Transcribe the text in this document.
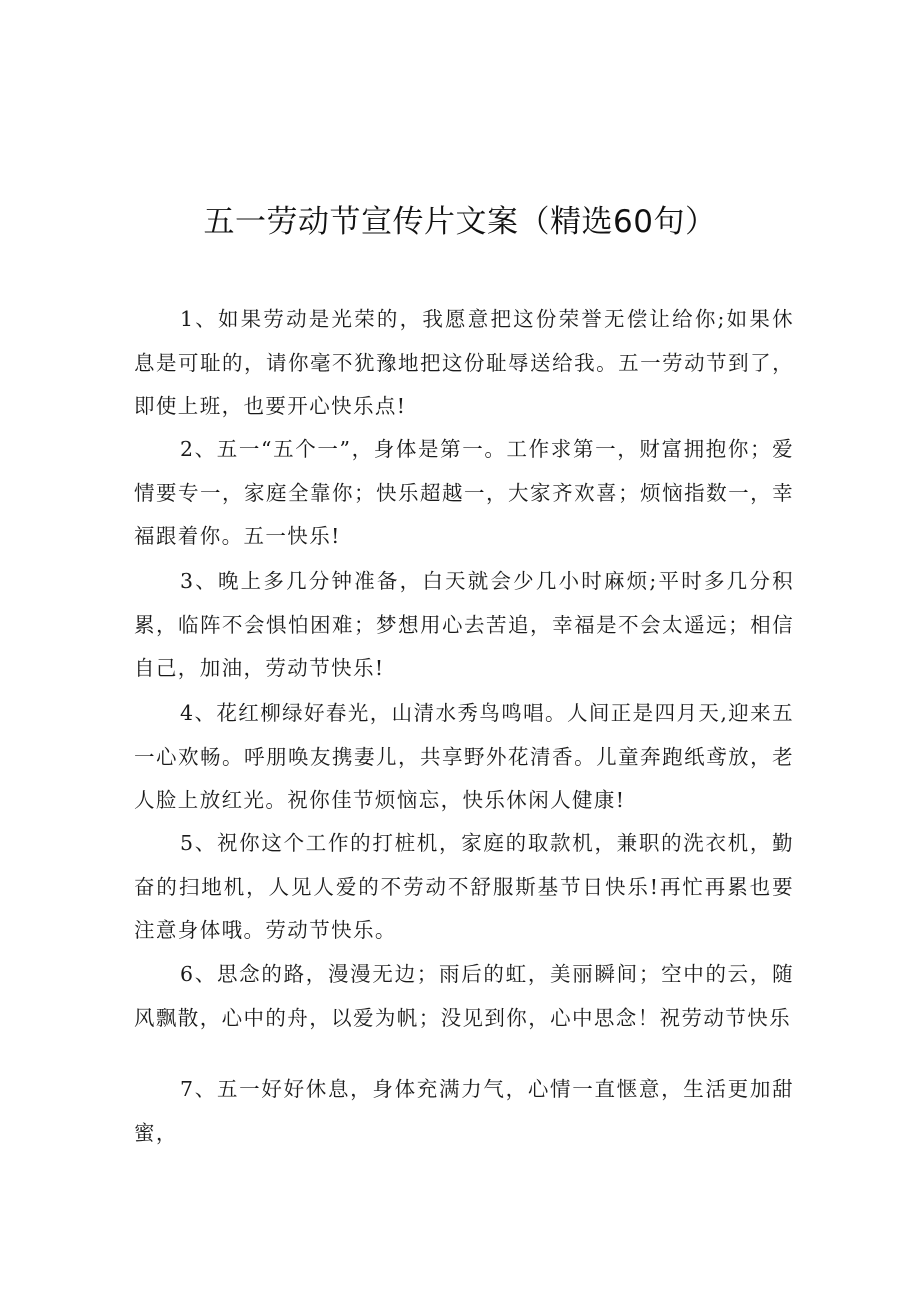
五一劳动节宣传片文案（精选60句）

1、如果劳动是光荣的，我愿意把这份荣誉无偿让给你;如果休息是可耻的，请你毫不犹豫地把这份耻辱送给我。五一劳动节到了，即使上班，也要开心快乐点!

2、五一“五个一”，身体是第一。工作求第一，财富拥抱你；爱情要专一，家庭全靠你；快乐超越一，大家齐欢喜；烦恼指数一，幸福跟着你。五一快乐!

3、晚上多几分钟准备，白天就会少几小时麻烦;平时多几分积累，临阵不会惧怕困难；梦想用心去苦追，幸福是不会太遥远；相信自己，加油，劳动节快乐!

4、花红柳绿好春光，山清水秀鸟鸣唱。人间正是四月天,迎来五一心欢畅。呼朋唤友携妻儿，共享野外花清香。儿童奔跑纸鸢放，老人脸上放红光。祝你佳节烦恼忘，快乐休闲人健康!

5、祝你这个工作的打桩机，家庭的取款机，兼职的洗衣机，勤奋的扫地机，人见人爱的不劳动不舒服斯基节日快乐!再忙再累也要注意身体哦。劳动节快乐。

6、思念的路，漫漫无边；雨后的虹，美丽瞬间；空中的云，随风飘散，心中的舟，以爱为帆；没见到你，心中思念！祝劳动节快乐

7、五一好好休息，身体充满力气，心情一直惬意，生活更加甜蜜，
